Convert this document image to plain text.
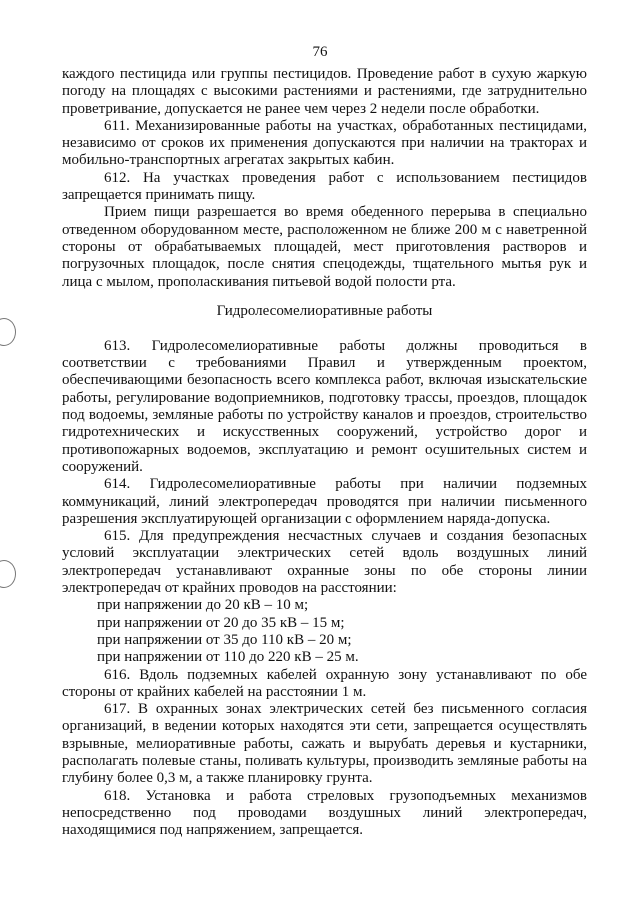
76

каждого пестицида или группы пестицидов. Проведение работ в сухую жаркую погоду на площадях с высокими растениями и растениями, где затруднительно проветривание, допускается не ранее чем через 2 недели после обработки.

611. Механизированные работы на участках, обработанных пестицидами, независимо от сроков их применения допускаются при наличии на тракторах и мобильно-транспортных агрегатах закрытых кабин.

612. На участках проведения работ с использованием пестицидов запрещается принимать пищу.

Прием пищи разрешается во время обеденного перерыва в специально отведенном оборудованном месте, расположенном не ближе 200 м с наветренной стороны от обрабатываемых площадей, мест приготовления растворов и погрузочных площадок, после снятия спецодежды, тщательного мытья рук и лица с мылом, прополаскивания питьевой водой полости рта.

Гидролесомелиоративные работы

613. Гидролесомелиоративные работы должны проводиться в соответствии с требованиями Правил и утвержденным проектом, обеспечивающими безопасность всего комплекса работ, включая изыскательские работы, регулирование водоприемников, подготовку трассы, проездов, площадок под водоемы, земляные работы по устройству каналов и проездов, строительство гидротехнических и искусственных сооружений, устройство дорог и противопожарных водоемов, эксплуатацию и ремонт осушительных систем и сооружений.

614. Гидролесомелиоративные работы при наличии подземных коммуникаций, линий электропередач проводятся при наличии письменного разрешения эксплуатирующей организации с оформлением наряда-допуска.

615. Для предупреждения несчастных случаев и создания безопасных условий эксплуатации электрических сетей вдоль воздушных линий электропередач устанавливают охранные зоны по обе стороны линии электропередач от крайних проводов на расстоянии:

при напряжении до 20 кВ – 10 м;

при напряжении от 20 до 35 кВ – 15 м;

при напряжении от 35 до 110 кВ – 20 м;

при напряжении от 110 до 220 кВ – 25 м.

616. Вдоль подземных кабелей охранную зону устанавливают по обе стороны от крайних кабелей на расстоянии 1 м.

617. В охранных зонах электрических сетей без письменного согласия организаций, в ведении которых находятся эти сети, запрещается осуществлять взрывные, мелиоративные работы, сажать и вырубать деревья и кустарники, располагать полевые станы, поливать культуры, производить земляные работы на глубину более 0,3 м, а также планировку грунта.

618. Установка и работа стреловых грузоподъемных механизмов непосредственно под проводами воздушных линий электропередач, находящимися под напряжением, запрещается.
